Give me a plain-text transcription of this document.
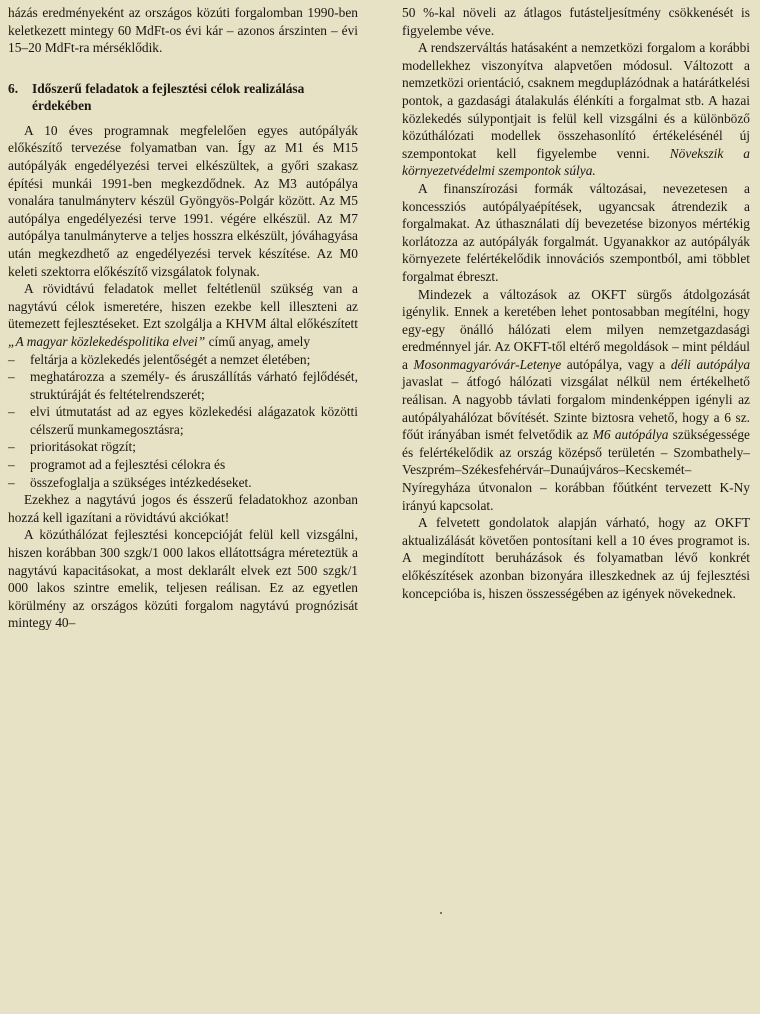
házás eredményeként az országos közúti forgalomban 1990-ben keletkezett mintegy 60 MdFt-os évi kár – azonos árszinten – évi 15–20 MdFt-ra mérséklődik.

6. Időszerű feladatok a fejlesztési célok realizálása érdekében

A 10 éves programnak megfelelően egyes autópályák előkészítő tervezése folyamatban van. Így az M1 és M15 autópályák engedélyezési tervei elkészültek, a győri szakasz építési munkái 1991-ben megkezdődnek. Az M3 autópálya vonalára tanulmányterv készül Gyöngyös-Polgár között. Az M5 autópálya engedélyezési terve 1991. végére elkészül. Az M7 autópálya tanulmányterve a teljes hosszra elkészült, jóváhagyása után megkezdhető az engedélyezési tervek készítése. Az M0 keleti szektorra előkészítő vizsgálatok folynak.

A rövidtávú feladatok mellet feltétlenül szükség van a nagytávú célok ismeretére, hiszen ezekbe kell illeszteni az ütemezett fejlesztéseket. Ezt szolgálja a KHVM által előkészített „A magyar közlekedéspolitika elvei” című anyag, amely

– feltárja a közlekedés jelentőségét a nemzet életében;
– meghatározza a személy- és áruszállítás várható fejlődését, struktúráját és feltételrendszerét;
– elvi útmutatást ad az egyes közlekedési alágazatok közötti célszerű munkamegosztásra;
– prioritásokat rögzít;
– programot ad a fejlesztési célokra és
– összefoglalja a szükséges intézkedéseket.

Ezekhez a nagytávú jogos és ésszerű feladatokhoz azonban hozzá kell igazítani a rövidtávú akciókat!

A közúthálózat fejlesztési koncepcióját felül kell vizsgálni, hiszen korábban 300 szgk/1 000 lakos ellátottságra méreteztük a nagytávú kapacitásokat, a most deklarált elvek ezt 500 szgk/1 000 lakos szintre emelik, teljesen reálisan. Ez az egyetlen körülmény az országos közúti forgalom nagytávú prognózisát mintegy 40–

50 %-kal növeli az átlagos futásteljesítmény csökkenését is figyelembe véve.

A rendszerváltás hatásaként a nemzetközi forgalom a korábbi modellekhez viszonyítva alapvetően módosul. Változott a nemzetközi orientáció, csaknem megduplázódnak a határátkelési pontok, a gazdasági átalakulás élénkíti a forgalmat stb. A hazai közlekedés súlypontjait is felül kell vizsgálni és a különböző közúthálózati modellek összehasonlító értékelésénél új szempontokat kell figyelembe venni. Növekszik a környezetvédelmi szempontok súlya.

A finanszírozási formák változásai, nevezetesen a koncessziós autópályaépítések, ugyancsak átrendezik a forgalmakat. Az úthasználati díj bevezetése bizonyos mértékig korlátozza az autópályák forgalmát. Ugyanakkor az autópályák környezete felértékelődik innovációs szempontból, ami többlet forgalmat ébreszt.

Mindezek a változások az OKFT sürgős átdolgozását igénylik. Ennek a keretében lehet pontosabban megítélni, hogy egy-egy önálló hálózati elem milyen nemzetgazdasági eredménnyel jár. Az OKFT-től eltérő megoldások – mint például a Mosonmagyaróvár-Letenye autópálya, vagy a déli autópálya javaslat – átfogó hálózati vizsgálat nélkül nem értékelhető reálisan. A nagyobb távlati forgalom mindenképpen igényli az autópályahálózat bővítését. Szinte biztosra vehető, hogy a 6 sz. főút irányában ismét felvetődik az M6 autópálya szükségessége és felértékelődik az ország középső területén – Szombathely–Veszprém–Székesfehérvár–Dunaújváros–Kecskemét–Nyíregyháza útvonalon – korábban főútként tervezett K-Ny irányú kapcsolat.

A felvetett gondolatok alapján várható, hogy az OKFT aktualizálását követően pontosítani kell a 10 éves programot is. A megindított beruházások és folyamatban lévő konkrét előkészítések azonban bizonyára illeszkednek az új fejlesztési koncepcióba is, hiszen összességében az igények növekednek.
